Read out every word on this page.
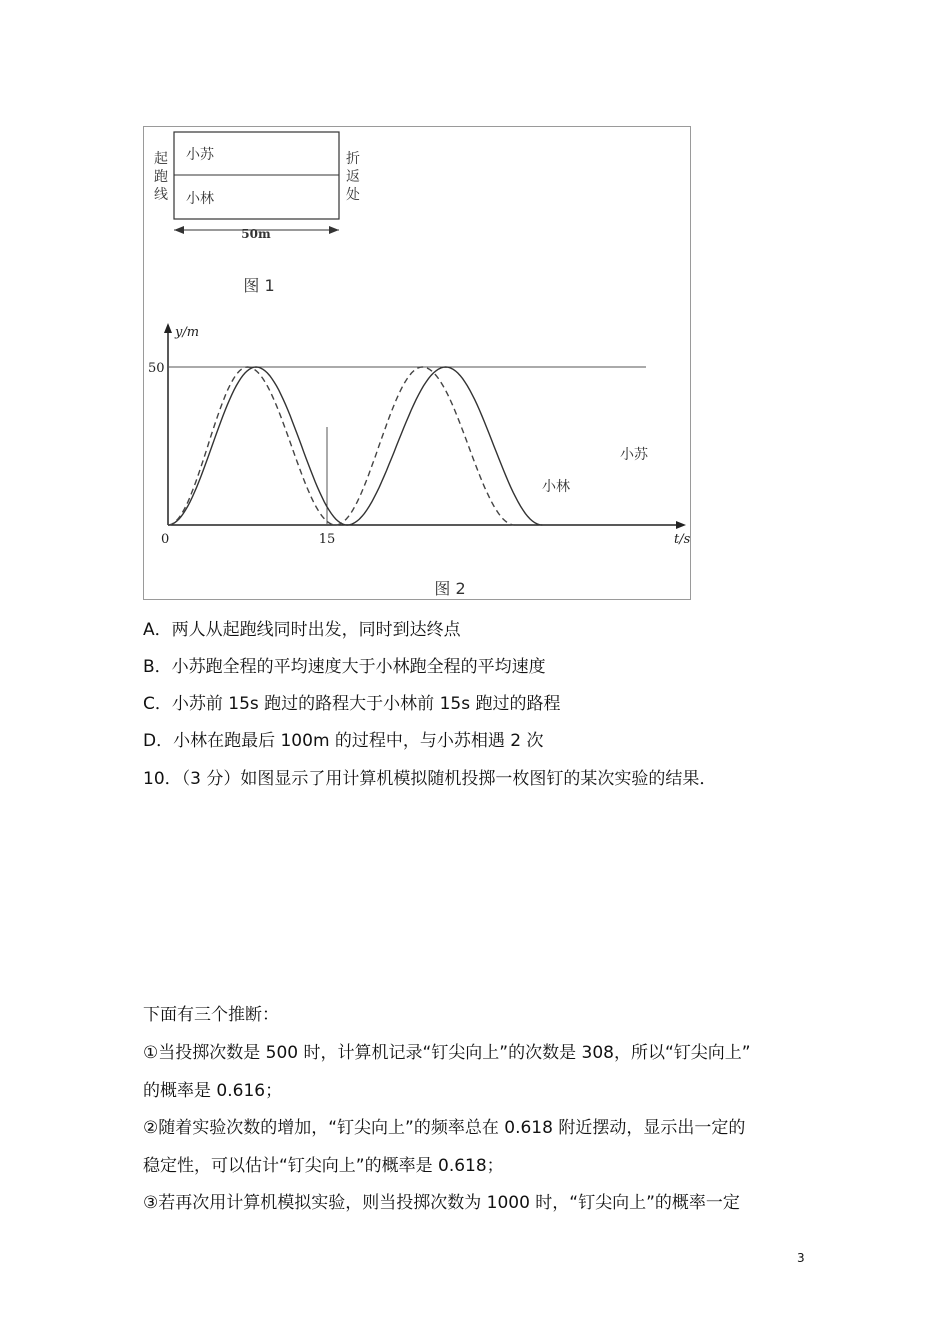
小苏
小林
起
跑
线
折
返
处
50m
图 1
y/m
t/s
50
0	15
小苏
小林
图 2
A．两人从起跑线同时出发，同时到达终点
B．小苏跑全程的平均速度大于小林跑全程的平均速度
C．小苏前 15s 跑过的路程大于小林前 15s 跑过的路程
D．小林在跑最后 100m 的过程中，与小苏相遇 2 次
10．（3 分）如图显示了用计算机模拟随机投掷一枚图钉的某次实验的结果．
下面有三个推断：
①当投掷次数是 500 时，计算机记录“钉尖向上”的次数是 308，所以“钉尖向上”
的概率是 0.616；
②随着实验次数的增加，“钉尖向上”的频率总在 0.618 附近摆动，显示出一定的
稳定性，可以估计“钉尖向上”的概率是 0.618；
③若再次用计算机模拟实验，则当投掷次数为 1000 时，“钉尖向上”的概率一定
3
